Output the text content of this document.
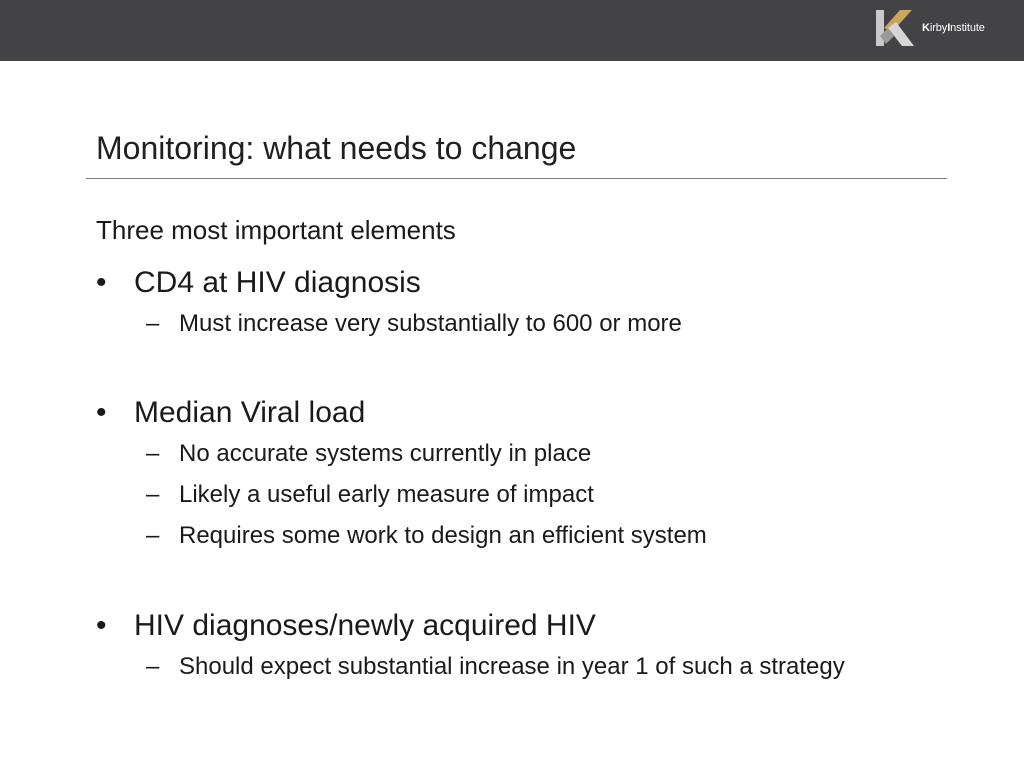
KirbyInstitute
Monitoring: what needs to change
Three most important elements
• CD4 at HIV diagnosis
– Must increase very substantially to 600 or more
• Median Viral load
– No accurate systems currently in place
– Likely a useful early measure of impact
– Requires some work to design an efficient system
• HIV diagnoses/newly acquired HIV
– Should expect substantial increase in year 1 of such a strategy
